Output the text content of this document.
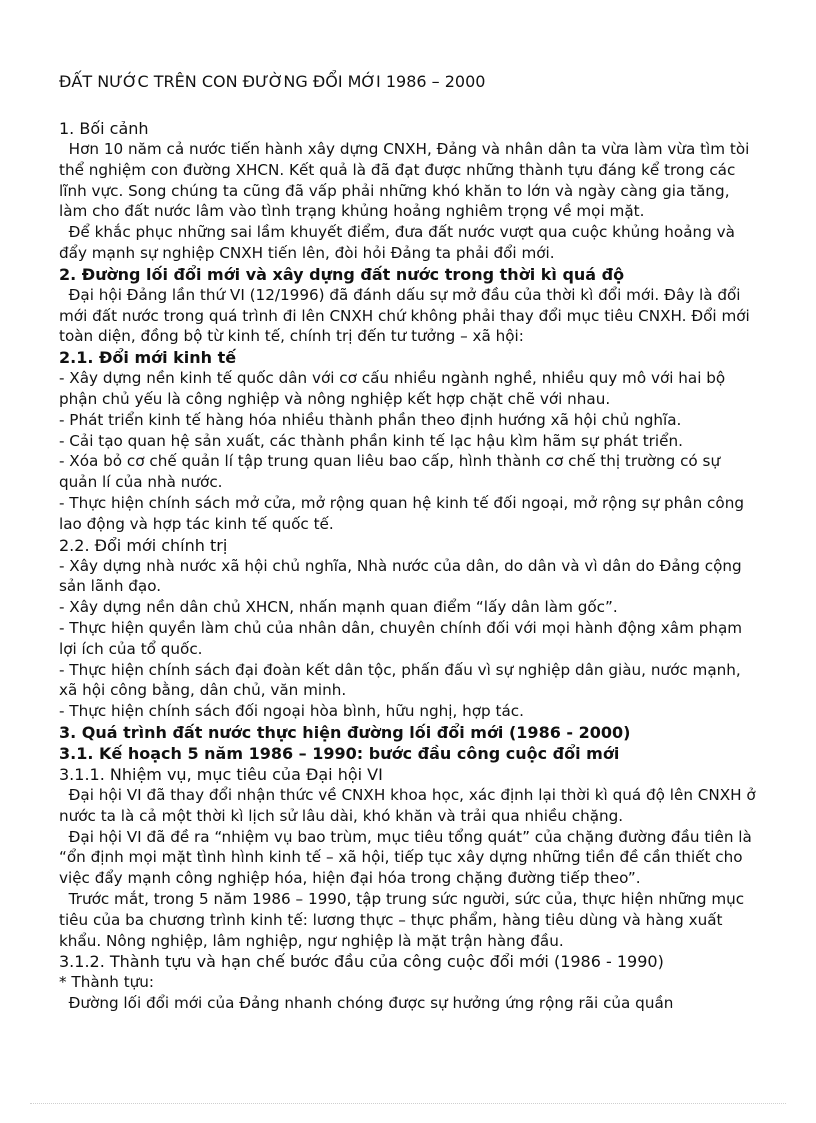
ĐẤT NƯỚC TRÊN CON ĐƯỜNG ĐỔI MỚI 1986 – 2000
1. Bối cảnh
Hơn 10 năm cả nước tiến hành xây dựng CNXH, Đảng và nhân dân ta vừa làm vừa tìm tòi thể nghiệm con đường XHCN. Kết quả là đã đạt được những thành tựu đáng kể trong các lĩnh vực. Song chúng ta cũng đã vấp phải những khó khăn to lớn và ngày càng gia tăng, làm cho đất nước lâm vào tình trạng khủng hoảng nghiêm trọng về mọi mặt.
Để khắc phục những sai lầm khuyết điểm, đưa đất nước vượt qua cuộc khủng hoảng và đẩy mạnh sự nghiệp CNXH tiến lên, đòi hỏi Đảng ta phải đổi mới.
2. Đường lối đổi mới và xây dựng đất nước trong thời kì quá độ
Đại hội Đảng lần thứ VI (12/1996) đã đánh dấu sự mở đầu của thời kì đổi mới. Đây là đổi mới đất nước trong quá trình đi lên CNXH chứ không phải thay đổi mục tiêu CNXH. Đổi mới toàn diện, đồng bộ từ kinh tế, chính trị đến tư tưởng – xã hội:
2.1. Đổi mới kinh tế
- Xây dựng nền kinh tế quốc dân với cơ cấu nhiều ngành nghề, nhiều quy mô với hai bộ phận chủ yếu là công nghiệp và nông nghiệp kết hợp chặt chẽ với nhau.
- Phát triển kinh tế hàng hóa nhiều thành phần theo định hướng xã hội chủ nghĩa.
- Cải tạo quan hệ sản xuất, các thành phần kinh tế lạc hậu kìm hãm sự phát triển.
- Xóa bỏ cơ chế quản lí tập trung quan liêu bao cấp, hình thành cơ chế thị trường có sự quản lí của nhà nước.
- Thực hiện chính sách mở cửa, mở rộng quan hệ kinh tế đối ngoại, mở rộng sự phân công lao động và hợp tác kinh tế quốc tế.
2.2. Đổi mới chính trị
- Xây dựng nhà nước xã hội chủ nghĩa, Nhà nước của dân, do dân và vì dân do Đảng cộng sản lãnh đạo.
- Xây dựng nền dân chủ XHCN, nhấn mạnh quan điểm “lấy dân làm gốc”.
- Thực hiện quyền làm chủ của nhân dân, chuyên chính đối với mọi hành động xâm phạm lợi ích của tổ quốc.
- Thực hiện chính sách đại đoàn kết dân tộc, phấn đấu vì sự nghiệp dân giàu, nước mạnh, xã hội công bằng, dân chủ, văn minh.
- Thực hiện chính sách đối ngoại hòa bình, hữu nghị, hợp tác.
3. Quá trình đất nước thực hiện đường lối đổi mới (1986 - 2000)
3.1. Kế hoạch 5 năm 1986 – 1990: bước đầu công cuộc đổi mới
3.1.1. Nhiệm vụ, mục tiêu của Đại hội VI
Đại hội VI đã thay đổi nhận thức về CNXH khoa học, xác định lại thời kì quá độ lên CNXH ở nước ta là cả một thời kì lịch sử lâu dài, khó khăn và trải qua nhiều chặng.
Đại hội VI đã đề ra “nhiệm vụ bao trùm, mục tiêu tổng quát” của chặng đường đầu tiên là “ổn định mọi mặt tình hình kinh tế – xã hội, tiếp tục xây dựng những tiền đề cần thiết cho việc đẩy mạnh công nghiệp hóa, hiện đại hóa trong chặng đường tiếp theo”.
Trước mắt, trong 5 năm 1986 – 1990, tập trung sức người, sức của, thực hiện những mục tiêu của ba chương trình kinh tế: lương thực – thực phẩm, hàng tiêu dùng và hàng xuất khẩu. Nông nghiệp, lâm nghiệp, ngư nghiệp là mặt trận hàng đầu.
3.1.2. Thành tựu và hạn chế bước đầu của công cuộc đổi mới (1986 - 1990)
* Thành tựu:
Đường lối đổi mới của Đảng nhanh chóng được sự hưởng ứng rộng rãi của quần
